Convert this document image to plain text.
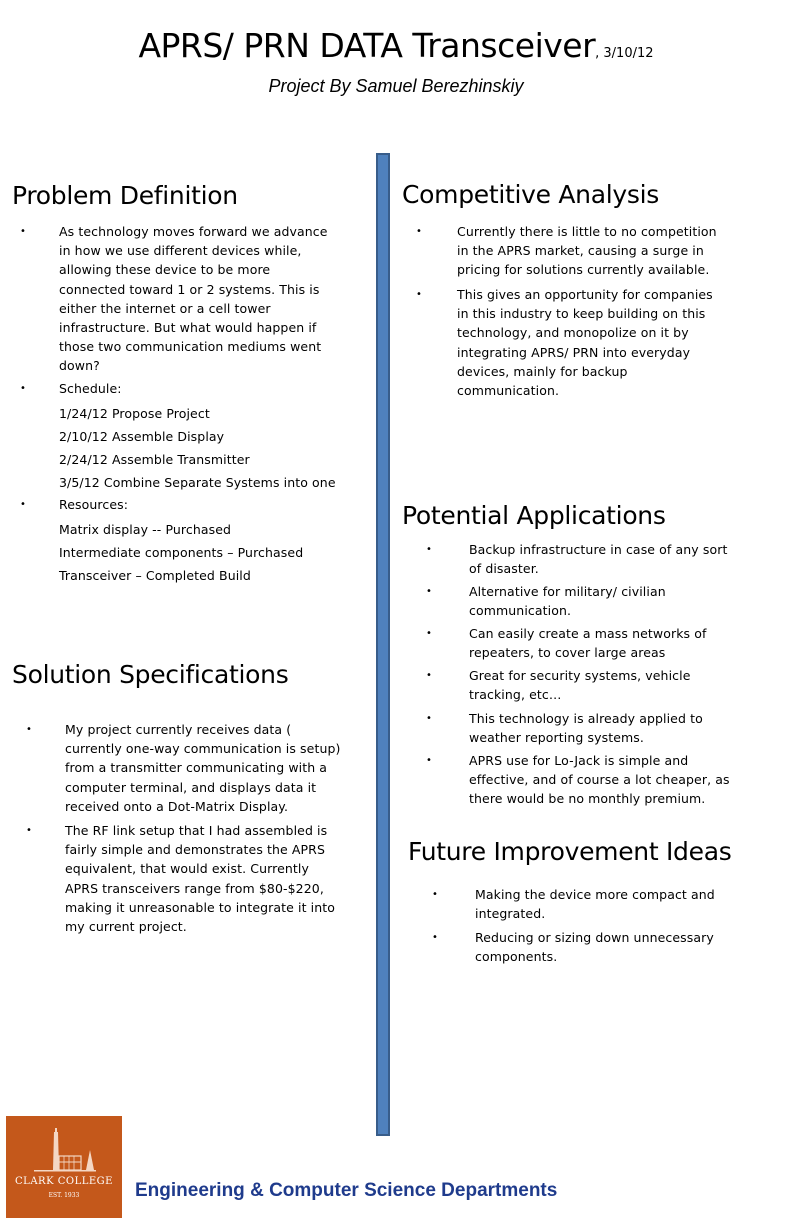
APRS/ PRN DATA Transceiver, 3/10/12
Project By Samuel Berezhinskiy
Problem Definition
•	As technology moves forward we advance
in how we use different devices while,
allowing these device to be more
connected toward 1 or 2 systems. This is
either the internet or a cell tower
infrastructure. But what would happen if
those two communication mediums went
down?
•	Schedule:
1/24/12 Propose Project
2/10/12 Assemble Display
2/24/12 Assemble Transmitter
3/5/12 Combine Separate Systems into one
•	Resources:
Matrix display -- Purchased
Intermediate components – Purchased
Transceiver – Completed Build
Solution Specifications
•	My project currently receives data (
currently one-way communication is setup)
from a transmitter communicating with a
computer terminal, and displays data it
received onto a Dot-Matrix Display.
•	The RF link setup that I had assembled is
fairly simple and demonstrates the APRS
equivalent, that would exist. Currently
APRS transceivers range from $80-$220,
making it unreasonable to integrate it into
my current project.
Competitive Analysis
•	Currently there is little to no competition
in the APRS market, causing a surge in
pricing for solutions currently available.
•	This gives an opportunity for companies
in this industry to keep building on this
technology, and monopolize on it by
integrating APRS/ PRN into everyday
devices, mainly for backup
communication.
Potential Applications
•	Backup infrastructure in case of any sort
of disaster.
•	Alternative for military/ civilian
communication.
•	Can easily create a mass networks of
repeaters, to cover large areas
•	Great for security systems, vehicle
tracking, etc…
•	This technology is already applied to
weather reporting systems.
•	APRS use for Lo-Jack is simple and
effective, and of course a lot cheaper, as
there would be no monthly premium.
Future Improvement Ideas
•	Making the device more compact and
integrated.
•	Reducing or sizing down unnecessary
components.
CLARK COLLEGE
EST. 1933	Engineering & Computer Science Departments
